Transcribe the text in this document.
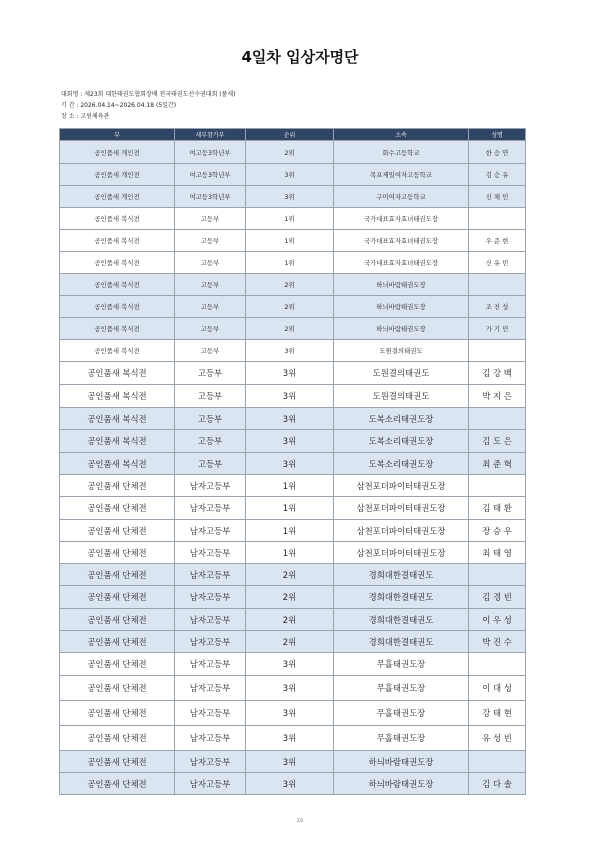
4일차 입상자명단
대회명 : 제23회 대한태권도협회장배 전국태권도선수권대회 (품새)
기 간 : 2026.04.14~2026.04.18 (5일간)
장 소 : 고원체육관
부	세부참가부	순위	소속	성명
공인품새 개인전	여고등3학년부	2위	화수고등학교	한 승 연
공인품새 개인전	여고등3학년부	3위	목포제일여자고등학교	김 승 유
공인품새 개인전	여고등3학년부	3위	구미여자고등학교	신 채 민
공인품새 복식전	고등부	1위	국가대표효자효녀태권도장	
공인품새 복식전	고등부	1위	국가대표효자효녀태권도장	우 준 현
공인품새 복식전	고등부	1위	국가대표효자효녀태권도장	신 유 빈
공인품새 복식전	고등부	2위	하늬바람태권도장	
공인품새 복식전	고등부	2위	하늬바람태권도장	조 진 성
공인품새 복식전	고등부	2위	하늬바람태권도장	가 기 민
공인품새 복식전	고등부	3위	도원결의태권도	
공인품새 복식전	고등부	3위	도원결의태권도	김 강 백
공인품새 복식전	고등부	3위	도원결의태권도	박 지 은
공인품새 복식전	고등부	3위	도복소리태권도장	
공인품새 복식전	고등부	3위	도복소리태권도장	김 도 은
공인품새 복식전	고등부	3위	도복소리태권도장	최 준 혁
공인품새 단체전	남자고등부	1위	삼천포더파이터태권도장	
공인품새 단체전	남자고등부	1위	삼천포더파이터태권도장	김 태 환
공인품새 단체전	남자고등부	1위	삼천포더파이터태권도장	장 승 우
공인품새 단체전	남자고등부	1위	삼천포더파이터태권도장	최 태 영
공인품새 단체전	남자고등부	2위	경희대한결태권도	
공인품새 단체전	남자고등부	2위	경희대한결태권도	김 경 빈
공인품새 단체전	남자고등부	2위	경희대한결태권도	이 우 성
공인품새 단체전	남자고등부	2위	경희대한결태권도	박 진 수
공인품새 단체전	남자고등부	3위	무흘태권도장	
공인품새 단체전	남자고등부	3위	무흘태권도장	이 대 성
공인품새 단체전	남자고등부	3위	무흘태권도장	강 태 현
공인품새 단체전	남자고등부	3위	무흘태권도장	유 성 빈
공인품새 단체전	남자고등부	3위	하늬바람태권도장	
공인품새 단체전	남자고등부	3위	하늬바람태권도장	김 다 솔
2/3
